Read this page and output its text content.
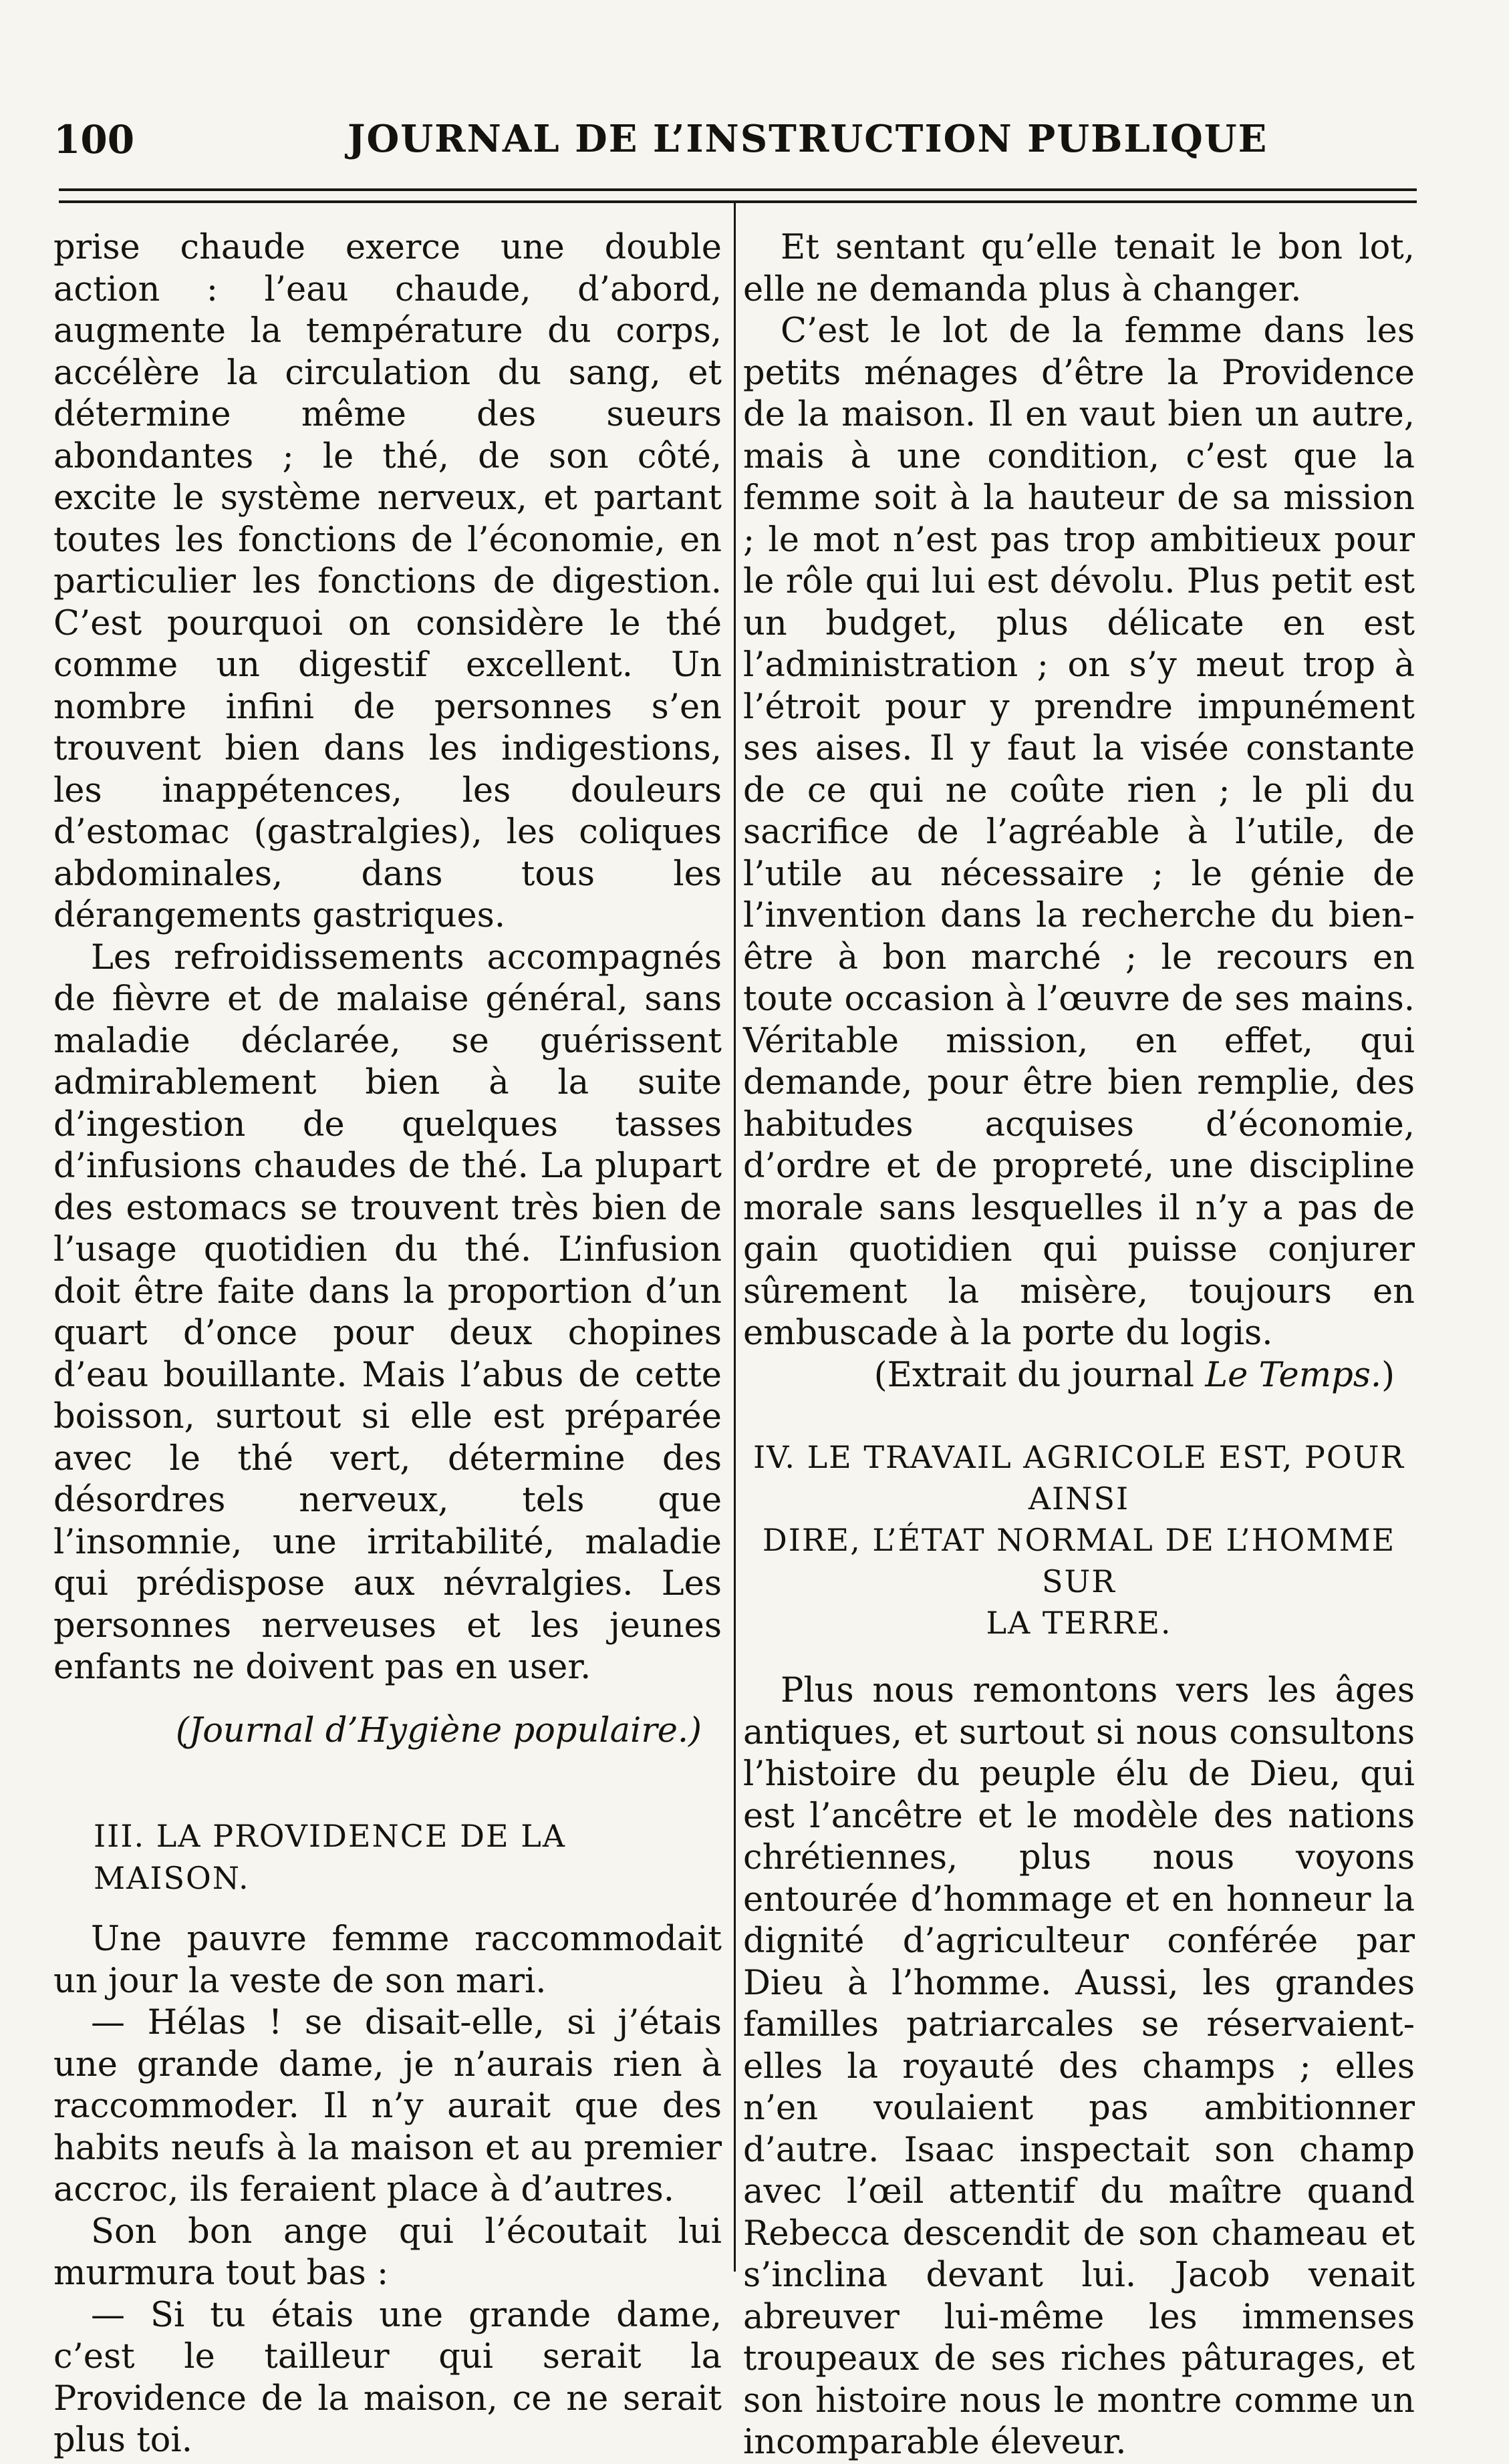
100	JOURNAL DE L’INSTRUCTION PUBLIQUE

prise chaude exerce une double action : l’eau chaude, d’abord, augmente la température du corps, accélère la circulation du sang, et détermine même des sueurs abondantes ; le thé, de son côté, excite le système nerveux, et partant toutes les fonctions de l’économie, en particulier les fonctions de digestion. C’est pourquoi on considère le thé comme un digestif excellent. Un nombre infini de personnes s’en trouvent bien dans les indigestions, les inappétences, les douleurs d’estomac (gastralgies), les coliques abdominales, dans tous les dérangements gastriques.

Les refroidissements accompagnés de fièvre et de malaise général, sans maladie déclarée, se guérissent admirablement bien à la suite d’ingestion de quelques tasses d’infusions chaudes de thé. La plupart des estomacs se trouvent très bien de l’usage quotidien du thé. L’infusion doit être faite dans la proportion d’un quart d’once pour deux chopines d’eau bouillante. Mais l’abus de cette boisson, surtout si elle est préparée avec le thé vert, détermine des désordres nerveux, tels que l’insomnie, une irritabilité, maladie qui prédispose aux névralgies. Les personnes nerveuses et les jeunes enfants ne doivent pas en user.

(Journal d’Hygiène populaire.)

III. LA PROVIDENCE DE LA MAISON.

Une pauvre femme raccommodait un jour la veste de son mari.

— Hélas ! se disait-elle, si j’étais une grande dame, je n’aurais rien à raccommoder. Il n’y aurait que des habits neufs à la maison et au premier accroc, ils feraient place à d’autres.

Son bon ange qui l’écoutait lui murmura tout bas :

— Si tu étais une grande dame, c’est le tailleur qui serait la Providence de la maison, ce ne serait plus toi.

Et sentant qu’elle tenait le bon lot, elle ne demanda plus à changer.

C’est le lot de la femme dans les petits ménages d’être la Providence de la maison. Il en vaut bien un autre, mais à une condition, c’est que la femme soit à la hauteur de sa mission ; le mot n’est pas trop ambitieux pour le rôle qui lui est dévolu. Plus petit est un budget, plus délicate en est l’administration ; on s’y meut trop à l’étroit pour y prendre impunément ses aises. Il y faut la visée constante de ce qui ne coûte rien ; le pli du sacrifice de l’agréable à l’utile, de l’utile au nécessaire ; le génie de l’invention dans la recherche du bien-être à bon marché ; le recours en toute occasion à l’œuvre de ses mains. Véritable mission, en effet, qui demande, pour être bien remplie, des habitudes acquises d’économie, d’ordre et de propreté, une discipline morale sans lesquelles il n’y a pas de gain quotidien qui puisse conjurer sûrement la misère, toujours en embuscade à la porte du logis.

(Extrait du journal Le Temps.)

IV. LE TRAVAIL AGRICOLE EST, POUR AINSI
DIRE, L’ÉTAT NORMAL DE L’HOMME SUR
LA TERRE.

Plus nous remontons vers les âges antiques, et surtout si nous consultons l’histoire du peuple élu de Dieu, qui est l’ancêtre et le modèle des nations chrétiennes, plus nous voyons entourée d’hommage et en honneur la dignité d’agriculteur conférée par Dieu à l’homme. Aussi, les grandes familles patriarcales se réservaient-elles la royauté des champs ; elles n’en voulaient pas ambitionner d’autre. Isaac inspectait son champ avec l’œil attentif du maître quand Rebecca descendit de son chameau et s’inclina devant lui. Jacob venait abreuver lui-même les immenses troupeaux de ses riches pâturages, et son histoire nous le montre comme un incomparable éleveur.
